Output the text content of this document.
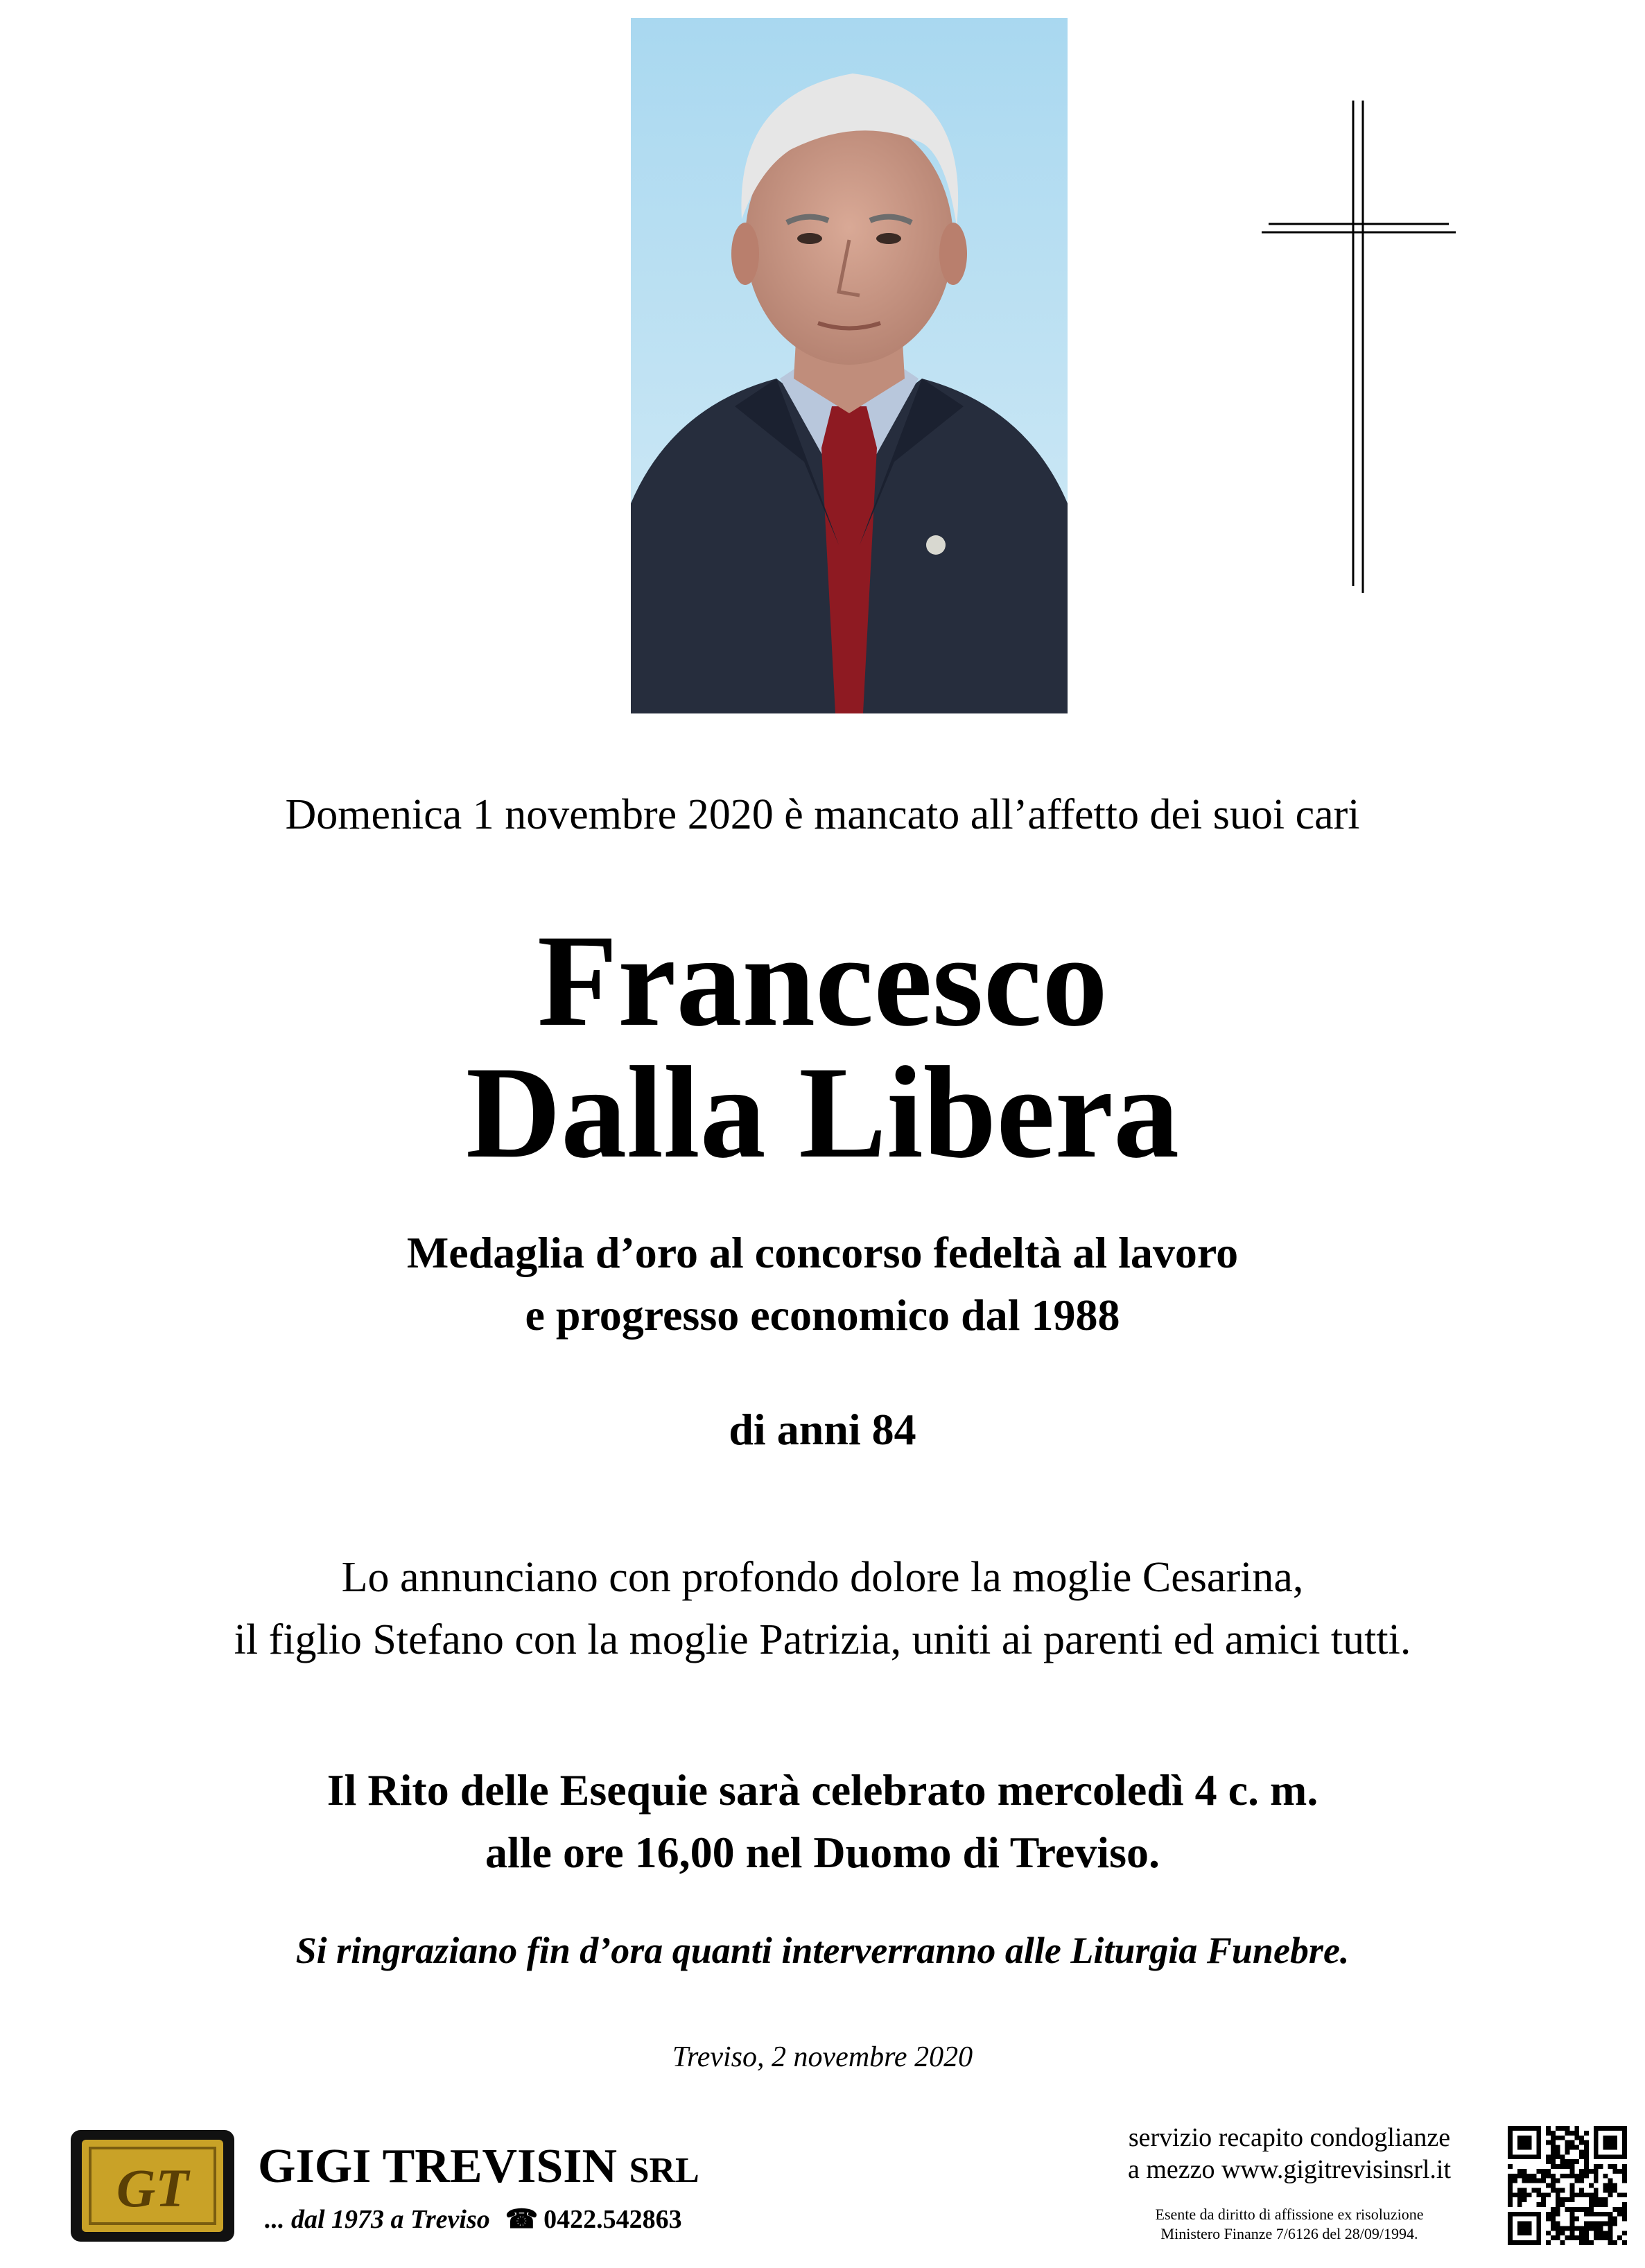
Domenica 1 novembre 2020 è mancato all’affetto dei suoi cari
Francesco
Dalla Libera
Medaglia d’oro al concorso fedeltà al lavoro
e progresso economico dal 1988
di anni 84
Lo annunciano con profondo dolore la moglie Cesarina,
il figlio Stefano con la moglie Patrizia, uniti ai parenti ed amici tutti.
Il Rito delle Esequie sarà celebrato mercoledì 4 c. m.
alle ore 16,00 nel Duomo di Treviso.
Si ringraziano fin d’ora quanti interverranno alle Liturgia Funebre.
Treviso, 2 novembre 2020
GT GIGI TREVISIN SRL
... dal 1973 a Treviso ☎ 0422.542863
servizio recapito condoglianze
a mezzo www.gigitrevisinsrl.it
Esente da diritto di affissione ex risoluzione
Ministero Finanze 7/6126 del 28/09/1994.
